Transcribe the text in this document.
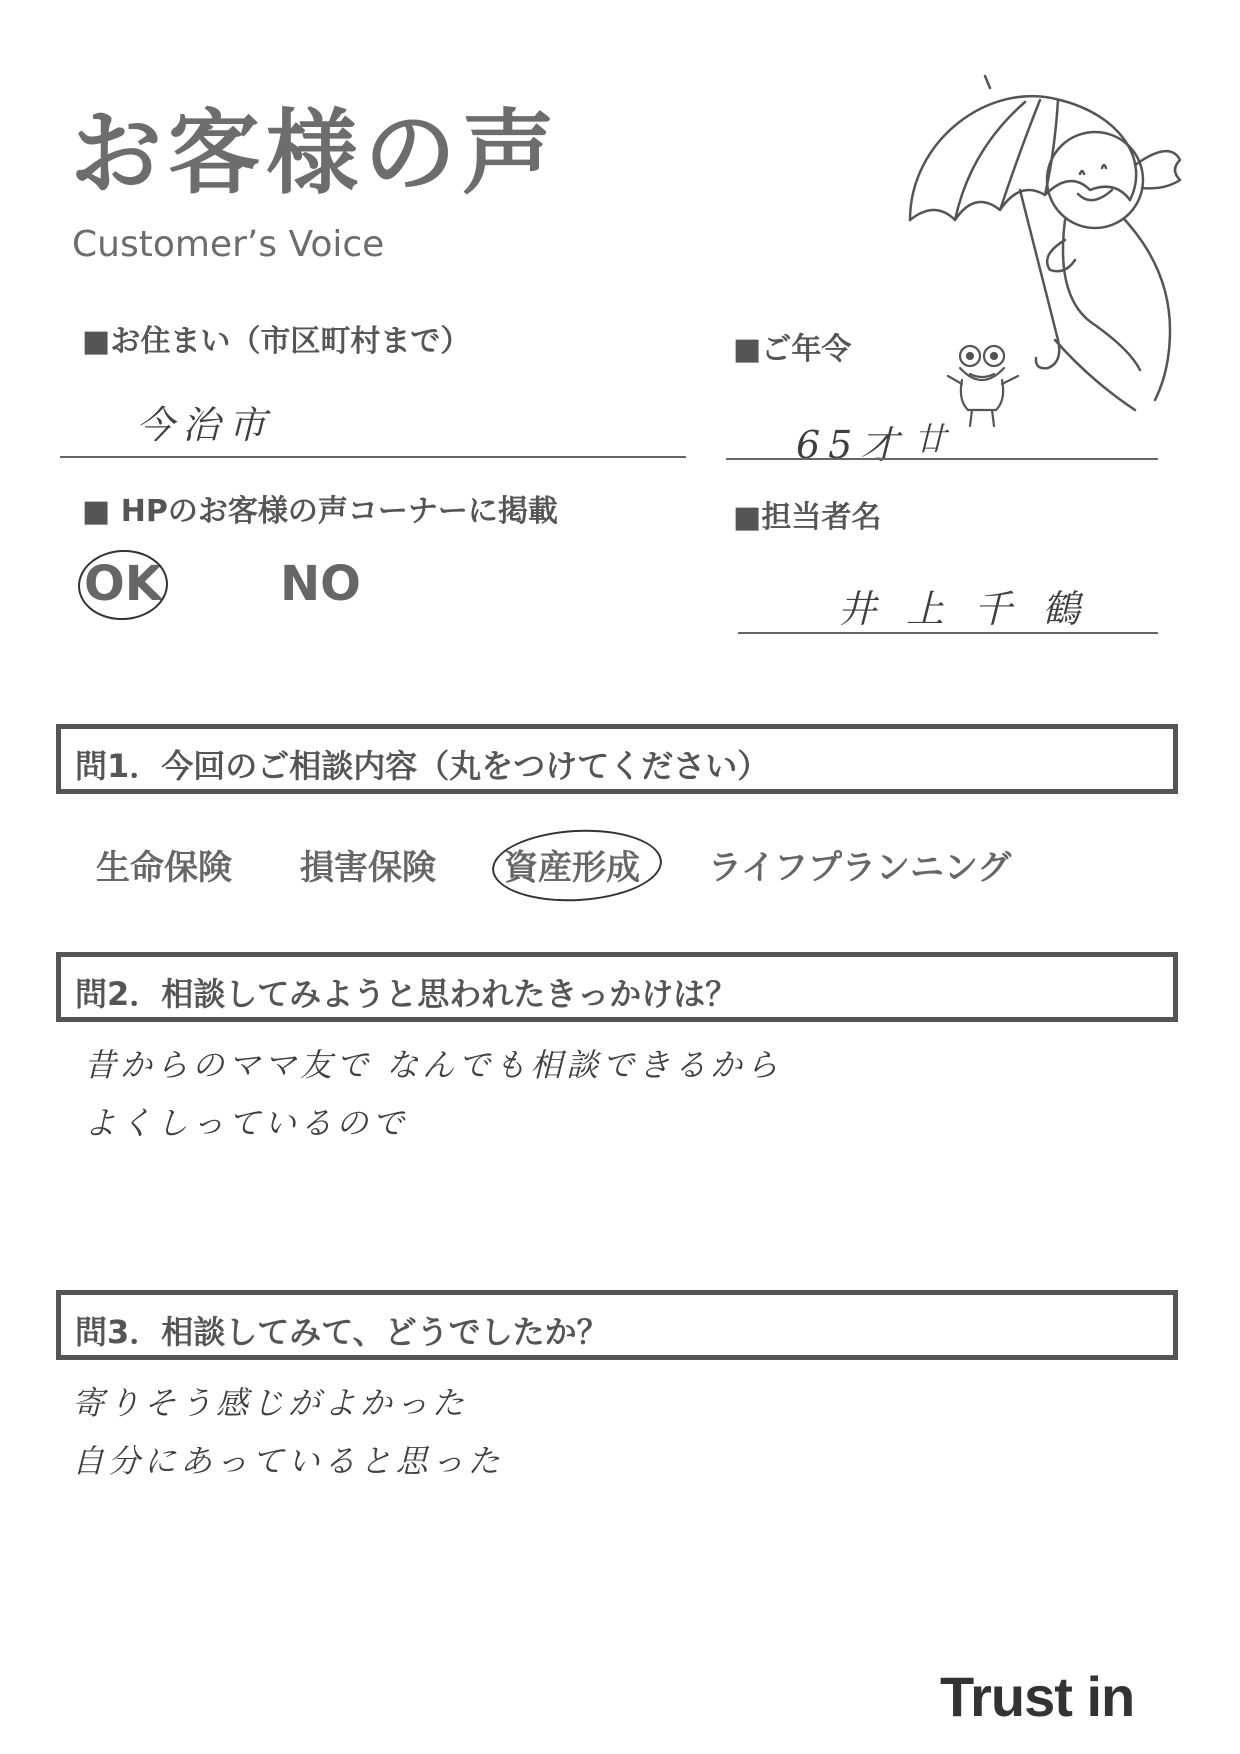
お客様の声
Customer’s Voice
■お住まい（市区町村まで）
今治市
■ご年令
65才 廿
■ HPのお客様の声コーナーに掲載
OK NO
■担当者名
井上千鶴
問1．今回のご相談内容（丸をつけてください）
生命保険 損害保険 資産形成 ライフプランニング
問2．相談してみようと思われたきっかけは？
昔からのママ友で なんでも相談できるから
よくしっているので
問3．相談してみて、どうでしたか？
寄りそう感じがよかった
自分にあっていると思った
Trust in
